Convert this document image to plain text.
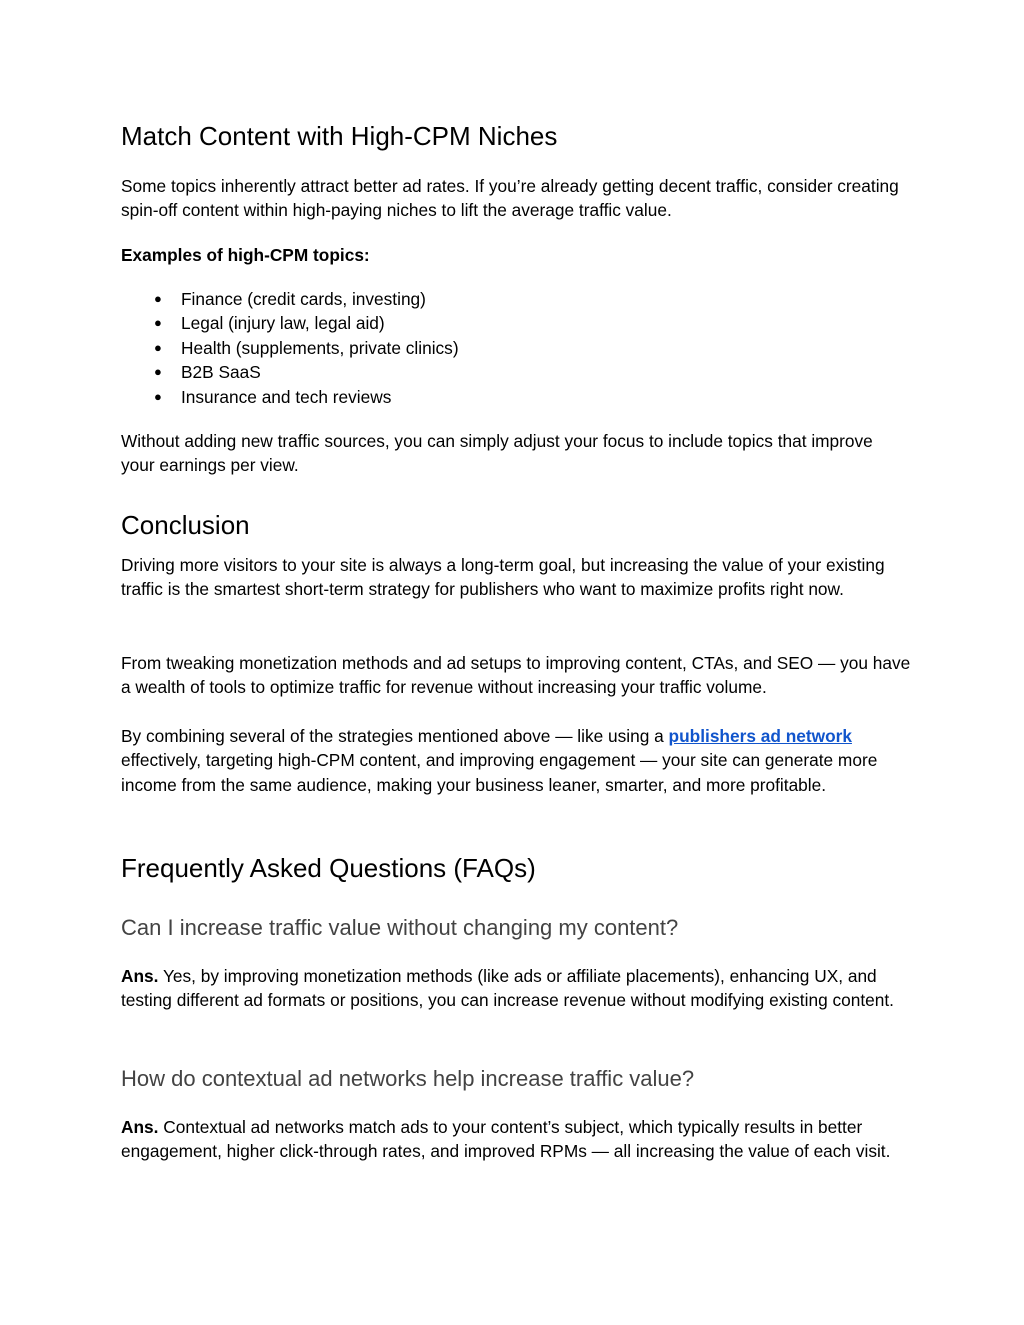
Match Content with High-CPM Niches

Some topics inherently attract better ad rates. If you’re already getting decent traffic, consider creating spin-off content within high-paying niches to lift the average traffic value.

Examples of high-CPM topics:

● Finance (credit cards, investing)
● Legal (injury law, legal aid)
● Health (supplements, private clinics)
● B2B SaaS
● Insurance and tech reviews

Without adding new traffic sources, you can simply adjust your focus to include topics that improve your earnings per view.

Conclusion

Driving more visitors to your site is always a long-term goal, but increasing the value of your existing traffic is the smartest short-term strategy for publishers who want to maximize profits right now.

From tweaking monetization methods and ad setups to improving content, CTAs, and SEO — you have a wealth of tools to optimize traffic for revenue without increasing your traffic volume.

By combining several of the strategies mentioned above — like using a publishers ad network effectively, targeting high-CPM content, and improving engagement — your site can generate more income from the same audience, making your business leaner, smarter, and more profitable.

Frequently Asked Questions (FAQs)
Can I increase traffic value without changing my content?

Ans. Yes, by improving monetization methods (like ads or affiliate placements), enhancing UX, and testing different ad formats or positions, you can increase revenue without modifying existing content.

How do contextual ad networks help increase traffic value?

Ans. Contextual ad networks match ads to your content’s subject, which typically results in better engagement, higher click-through rates, and improved RPMs — all increasing the value of each visit.
